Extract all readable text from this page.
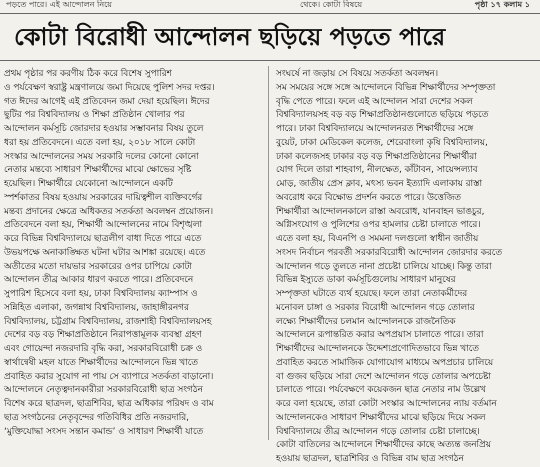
পড়তে পারে। এই আন্দোলন নিয়ে	থেকে। কোটা বিষয়ে	পৃষ্ঠা ১৭ কলাম ১
কোটা বিরোধী আন্দোলন ছড়িয়ে পড়তে পারে
প্রথম পৃষ্ঠার পর করণীয় ঠিক করে বিশেষ সুপারিশ
ও পর্যবেক্ষণ স্বরাষ্ট্র মন্ত্রণালয়ে জমা দিয়েছে পুলিশ সদর দপ্তর।
গত ঈদের আগেই এই প্রতিবেদন জমা দেয়া হয়েছিল। ঈদের
ছুটির পর বিশ্ববিদ্যালয় ও শিক্ষা প্রতিষ্ঠান খোলার পর
আন্দোলন কর্মসূচি জোরদার হওয়ার সম্ভাবনার বিষয় তুলে
ধরা হয় প্রতিবেদনে। এতে বলা হয়, ২০১৮ সালে কোটা
সংস্কার আন্দোলনের সময় সরকারি দলের কোনো কোনো
নেতার মন্তব্যে সাধারণ শিক্ষার্থীদের মাঝে ক্ষোভের সৃষ্টি
হয়েছিল। শিক্ষার্থীরে যেকোনো আন্দোলনে একটি
স্পর্শকাতর বিষয় হওয়ায় সরকারের দায়িত্বশীল ব্যক্তিবর্গের
মন্তব্য প্রদানের ক্ষেত্রে অধিকতর সতর্কতা অবলম্বন প্রয়োজন।
প্রতিবেদনে বলা হয়, শিক্ষার্থী আন্দোলনের নামে বিশৃঙ্খলা
করে বিভিন্ন বিশ্ববিদ্যালয়ে ছাত্রলীগ বাধা দিতে পারে এতে
উভয়পক্ষে অনাকাঙ্ক্ষিত ঘটনা ঘটার আশঙ্কা রয়েছে। এতে
অতীতের মতো দায়ভার সরকারের ওপর চাপিয়ে কোটা
আন্দোলন তীব্র আকার ধারণ করতে পারে। প্রতিবেদনে
সুপারিশ হিসেবে বলা হয়, ঢাকা বিশ্ববিদ্যালয় ক্যাম্পাস ও
সন্নিহিত এলাকা, জগন্নাথ বিশ্ববিদ্যালয়, জাহাঙ্গীরনগর
বিশ্ববিদ্যালয়, চট্টগ্রাম বিশ্ববিদ্যালয়, রাজশাহী বিশ্ববিদ্যালয়সহ
দেশের বড় বড় শিক্ষাপ্রতিষ্ঠানে নিরাপত্তামূলক ব্যবস্থা গ্রহণ
এবং গোয়েন্দা নজরদারি বৃদ্ধি করা, সরকারবিরোধী চক্র ও
স্বার্থান্বেষী মহল যাতে শিক্ষার্থীদের আন্দোলনে ভিন্ন খাতে
প্রবাহিত করার সুযোগ না পায় সে ব্যাপারে সতর্কতা বাড়ানো।
আন্দোলনে নেতৃত্বদানকারীরা সরকারবিরোধী ছাত্র সংগঠন
বিশেষ করে ছাত্রদল, ছাত্রশিবির, ছাত্র অধিকার পরিষদ ও বাম
ছাত্র সংগঠনের নেতৃবৃন্দের গতিবিধির প্রতি নজরদারি,
‘মুক্তিযোদ্ধা সংসদ সন্তান কমান্ড’ ও সাধারণ শিক্ষার্থী যাতে
সংঘর্ষে না জড়ায় সে বিষয়ে সতর্কতা অবলম্বন।
সম সময়ের সঙ্গে সঙ্গে আন্দোলনে বিভিন্ন শিক্ষার্থীদের সম্পৃক্ততা
বৃদ্ধি পেতে পারে। ফলে এই আন্দোলন সারা দেশের সকল
বিশ্ববিদ্যালয়সহ বড় বড় শিক্ষাপ্রতিষ্ঠানগুলোতে ছড়িয়ে পড়তে
পারে। ঢাকা বিশ্ববিদ্যালয়ে আন্দোলনরত শিক্ষার্থীদের সঙ্গে
বুয়েট, ঢাকা মেডিকেল কলেজ, শেরেবাংলা কৃষি বিশ্ববিদ্যালয়,
ঢাকা কলেজসহ ঢাকার বড় বড় শিক্ষাপ্রতিষ্ঠানের শিক্ষার্থীরা
যোগ দিলে তারা শাহবাগ, নীলক্ষেত, কাঁটাবন, সায়েন্সল্যাব
মোড়, জাতীয় প্রেস ক্লাব, মৎস্য ভবন ইত্যাদি এলাকায় রাস্তা
অবরোধ করে বিক্ষোভ প্রদর্শন করতে পারে। উত্তেজিত
শিক্ষার্থীরা আন্দোলনকালে রাস্তা অবরোধ, যানবাহন ভাঙচুর,
অগ্নিসংযোগ ও পুলিশের ওপর হামলার চেষ্টা চালাতে পারে।
এতে বলা হয়, বিএনপি ও সমমনা দলগুলো স্বাধীন জাতীয়
সংসদ নির্বাচন পরবর্তী সরকারবিরোধী আন্দোলন জোরদার করতে
আন্দোলন গড়ে তুলতে নানা প্রচেষ্টা চালিয়ে যাচ্ছে। কিন্তু তারা
বিভিন্ন ইস্যুতে ডাকা কর্মসূচিগুলোয় সাধারণ মানুষের
সম্পৃক্ততা ঘটাতে ব্যর্থ হয়েছে। ফলে তারা নেতাকর্মীদের
মনোবল চাঙ্গা ও সরকার বিরোধী আন্দোলন গড়ে তোলার
লক্ষ্যে শিক্ষার্থীদের চলমান আন্দোলনকে রাজনৈতিক
আন্দোলনে রূপান্তরিত করার অপপ্রয়াস চালাতে পারে। তারা
শিক্ষার্থীদের আন্দোলনকে উদ্দেশ্যপ্রণোদিতভাবে ভিন্ন খাতে
প্রবাহিত করতে সামাজিক যোগাযোগ মাধ্যমে অপপ্রচার চালিয়ে
বা গুজব ছড়িয়ে সারা দেশে আন্দোলন গড়ে তোলার অপচেষ্টা
চালাতে পারে। পর্যবেক্ষণে কয়েকজন ছাত্র নেতার নাম উল্লেখ
করে বলা হয়েছে, তারা কোটা সংস্কার আন্দোলনের ন্যায় বর্তমান
আন্দোলনকেও সাধারণ শিক্ষার্থীদের মাঝে ছড়িয়ে দিয়ে সকল
বিশ্ববিদ্যালয়ে তীব্র আন্দোলন গড়ে তোলার চেষ্টা চালাচ্ছে।
কোটা বাতিলের আন্দোলনে শিক্ষার্থীদের কাছে অত্যন্ত জনপ্রিয়
হওয়ায় ছাত্রদল, ছাত্রশিবির ও বিভিন্ন বাম ছাত্র সংগঠন
